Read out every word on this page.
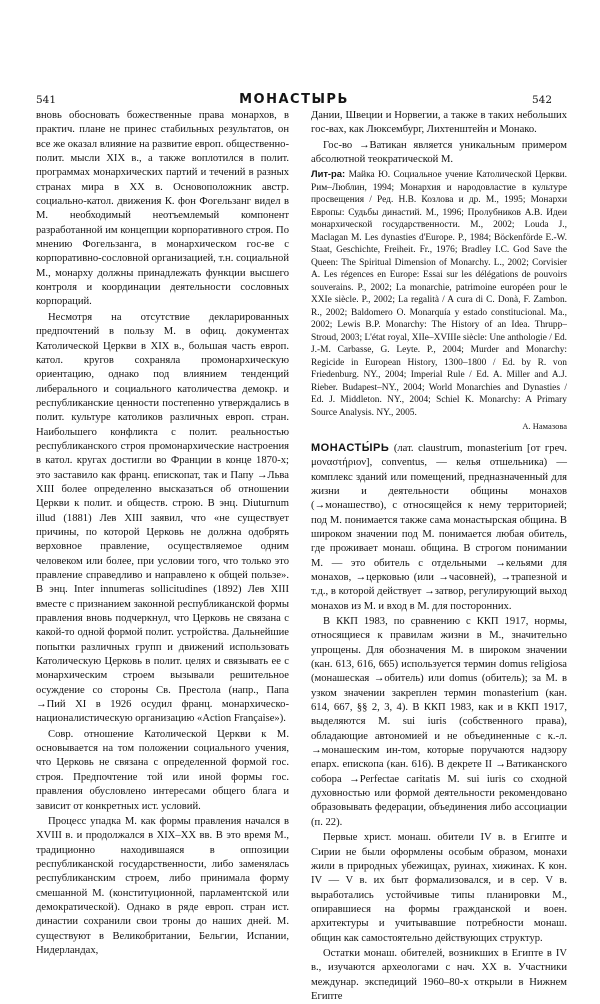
541	МОНАСТЫРЬ	542

вновь обосновать божественные права монархов, в практич. плане не принес стабильных результатов, он все же оказал влияние на развитие европ. общественно-полит. мысли XIX в., а также воплотился в полит. программах монархических партий и течений в разных странах мира в XX в. Основоположник австр. социально-катол. движения К. фон Фогельзанг видел в М. необходимый неотъемлемый компонент разработанной им концепции корпоративного строя. По мнению Фогельзанга, в монархическом гос-ве с корпоративно-сословной организацией, т.н. социальной М., монарху должны принадлежать функции высшего контроля и координации деятельности сословных корпораций.

Несмотря на отсутствие декларированных предпочтений в пользу М. в офиц. документах Католической Церкви в XIX в., большая часть европ. катол. кругов сохраняла промонархическую ориентацию, однако под влиянием тенденций либерального и социального католичества демокр. и республиканские ценности постепенно утверждались в полит. культуре католиков различных европ. стран. Наибольшего конфликта с полит. реальностью республиканского строя промонархические настроения в катол. кругах достигли во Франции в конце 1870-х; это заставило как франц. епископат, так и Папу →Льва XIII более определенно высказаться об отношении Церкви к полит. и обществ. строю. В энц. Diuturnum illud (1881) Лев XIII заявил, что «не существует причины, по которой Церковь не должна одобрять верховное правление, осуществляемое одним человеком или более, при условии того, что только это правление справедливо и направлено к общей пользе». В энц. Inter innumeras sollicitudines (1892) Лев XIII вместе с признанием законной республиканской формы правления вновь подчеркнул, что Церковь не связана с какой-то одной формой полит. устройства. Дальнейшие попытки различных групп и движений использовать Католическую Церковь в полит. целях и связывать ее с монархическим строем вызывали решительное осуждение со стороны Св. Престола (напр., Папа →Пий XI в 1926 осудил франц. монархическо-националистическую организацию «Action Française»).

Совр. отношение Католической Церкви к М. основывается на том положении социального учения, что Церковь не связана с определенной формой гос. строя. Предпочтение той или иной формы гос. правления обусловлено интересами общего блага и зависит от конкретных ист. условий.

Процесс упадка М. как формы правления начался в XVIII в. и продолжался в XIX–XX вв. В это время М., традиционно находившаяся в оппозиции республиканской государственности, либо заменялась республиканским строем, либо принимала форму смешанной М. (конституционной, парламентской или демократической). Однако в ряде европ. стран ист. династии сохранили свои троны до наших дней. М. существуют в Великобритании, Бельгии, Испании, Нидерландах,

Дании, Швеции и Норвегии, а также в таких небольших гос-вах, как Люксембург, Лихтенштейн и Монако.

Гос-во →Ватикан является уникальным примером абсолютной теократической М.

Лит-ра: Майка Ю. Социальное учение Католической Церкви. Рим–Люблин, 1994; Монархия и народовластие в культуре просвещения / Ред. Н.В. Козлова и др. М., 1995; Монархи Европы: Судьбы династий. М., 1996; Пролубников А.В. Идеи монархической государственности. М., 2002; Louda J., Maclagan M. Les dynasties d'Europe. P., 1984; Böckenförde E.-W. Staat, Geschichte, Freiheit. Fr., 1976; Bradley I.C. God Save the Queen: The Spiritual Dimension of Monarchy. L., 2002; Corvisier A. Les régences en Europe: Essai sur les délégations de pouvoirs souverains. P., 2002; La monarchie, patrimoine européen pour le XXIe siècle. P., 2002; La regalità / A cura di C. Donà, F. Zambon. R., 2002; Baldomero O. Monarquía y estado constitucional. Ma., 2002; Lewis B.P. Monarchy: The History of an Idea. Thrupp–Stroud, 2003; L'état royal, XIIe–XVIIIe siècle: Une anthologie / Ed. J.-M. Carbasse, G. Leyte. P., 2004; Murder and Monarchy: Regicide in European History, 1300–1800 / Ed. by R. von Friedenburg. NY., 2004; Imperial Rule / Ed. A. Miller and A.J. Rieber. Budapest–NY., 2004; World Monarchies and Dynasties / Ed. J. Middleton. NY., 2004; Schiel K. Monarchy: A Primary Source Analysis. NY., 2005.

А. Намазова

МОНАСТЫ́РЬ (лат. claustrum, monasterium [от греч. μοναστήριον], conventus, — келья отшельника) — комплекс зданий или помещений, предназначенный для жизни и деятельности общины монахов (→монашество), с относящейся к нему территорией; под М. понимается также сама монастырская община. В широком значении под М. понимается любая обитель, где проживает монаш. община. В строгом понимании М. — это обитель с отдельными →кельями для монахов, →церковью (или →часовней), →трапезной и т.д., в которой действует →затвор, регулирующий выход монахов из М. и вход в М. для посторонних.

В ККП 1983, по сравнению с ККП 1917, нормы, относящиеся к правилам жизни в М., значительно упрощены. Для обозначения М. в широком значении (кан. 613, 616, 665) используется термин domus religiosa (монашеская →обитель) или domus (обитель); за М. в узком значении закреплен термин monasterium (кан. 614, 667, §§ 2, 3, 4). В ККП 1983, как и в ККП 1917, выделяются М. sui iuris (собственного права), обладающие автономией и не объединенные с к.-л. →монашеским ин-том, которые поручаются надзору епарх. епископа (кан. 616). В декрете II →Ватиканского собора →Perfectae caritatis М. sui iuris со сходной духовностью или формой деятельности рекомендовано образовывать федерации, объединения либо ассоциации (п. 22).

Первые христ. монаш. обители IV в. в Египте и Сирии не были оформлены особым образом, монахи жили в природных убежищах, руинах, хижинах. К кон. IV — V в. их быт формализовался, и в сер. V в. выработались устойчивые типы планировки М., опиравшиеся на формы гражданской и воен. архитектуры и учитывавшие потребности монаш. общин как самостоятельно действующих структур.

Остатки монаш. обителей, возникших в Египте в IV в., изучаются археологами с нач. XX в. Участники междунар. экспедиций 1960–80-х открыли в Нижнем Египте
